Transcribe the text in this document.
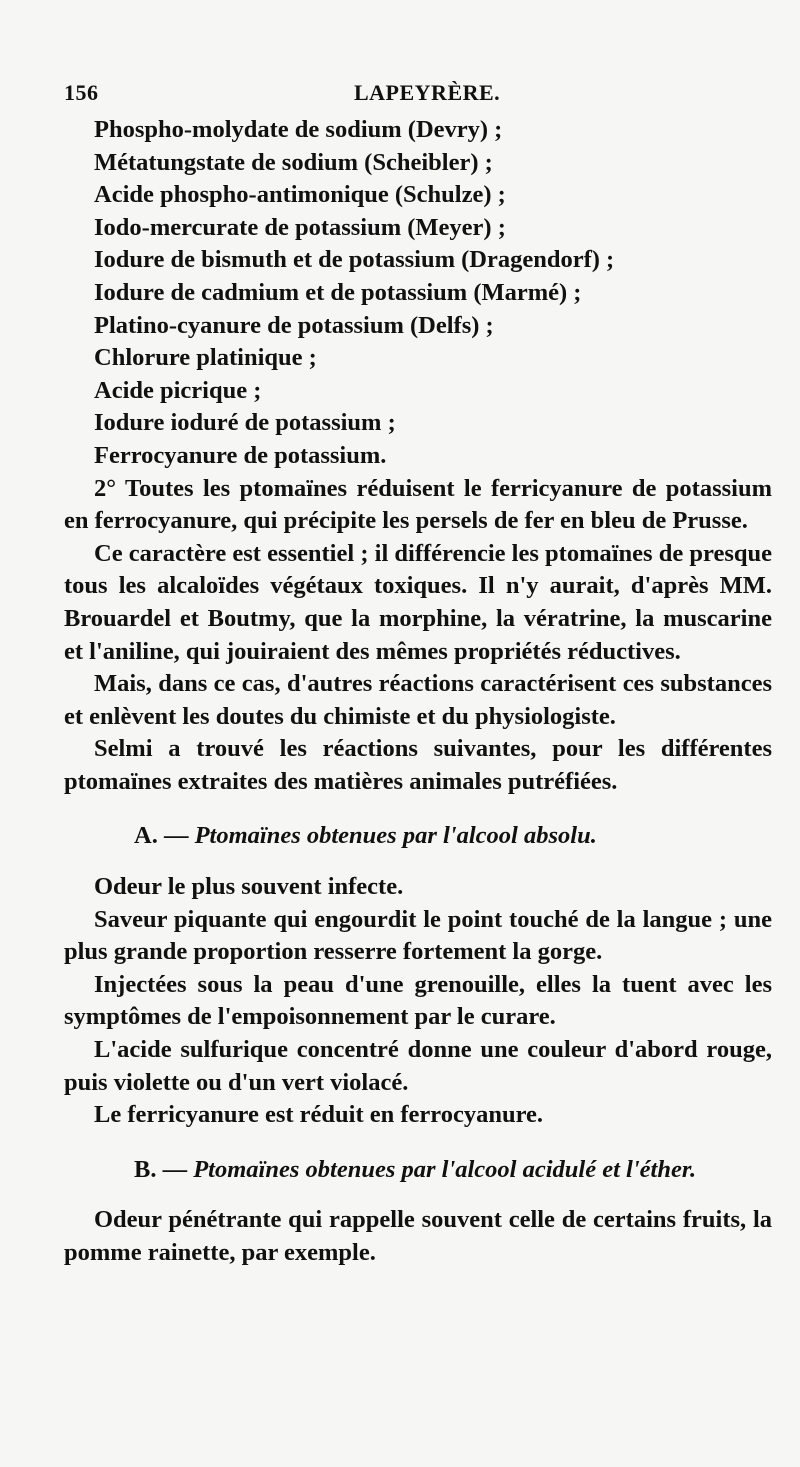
156	LAPEYRÈRE.

Phospho-molydate de sodium (Devry) ;

Métatungstate de sodium (Scheibler) ;

Acide phospho-antimonique (Schulze) ;

Iodo-mercurate de potassium (Meyer) ;

Iodure de bismuth et de potassium (Dragendorf) ;

Iodure de cadmium et de potassium (Marmé) ;

Platino-cyanure de potassium (Delfs) ;

Chlorure platinique ;

Acide picrique ;

Iodure ioduré de potassium ;

Ferrocyanure de potassium.

2° Toutes les ptomaïnes réduisent le ferricyanure de potassium en ferrocyanure, qui précipite les persels de fer en bleu de Prusse.

Ce caractère est essentiel ; il différencie les ptomaïnes de presque tous les alcaloïdes végétaux toxiques. Il n'y aurait, d'après MM. Brouardel et Boutmy, que la morphine, la vératrine, la muscarine et l'aniline, qui jouiraient des mêmes propriétés réductives.

Mais, dans ce cas, d'autres réactions caractérisent ces substances et enlèvent les doutes du chimiste et du physiologiste.

Selmi a trouvé les réactions suivantes, pour les différentes ptomaïnes extraites des matières animales putréfiées.

A. — Ptomaïnes obtenues par l'alcool absolu.

Odeur le plus souvent infecte.

Saveur piquante qui engourdit le point touché de la langue ; une plus grande proportion resserre fortement la gorge.

Injectées sous la peau d'une grenouille, elles la tuent avec les symptômes de l'empoisonnement par le curare.

L'acide sulfurique concentré donne une couleur d'abord rouge, puis violette ou d'un vert violacé.

Le ferricyanure est réduit en ferrocyanure.

B. — Ptomaïnes obtenues par l'alcool acidulé et l'éther.

Odeur pénétrante qui rappelle souvent celle de certains fruits, la pomme rainette, par exemple.
